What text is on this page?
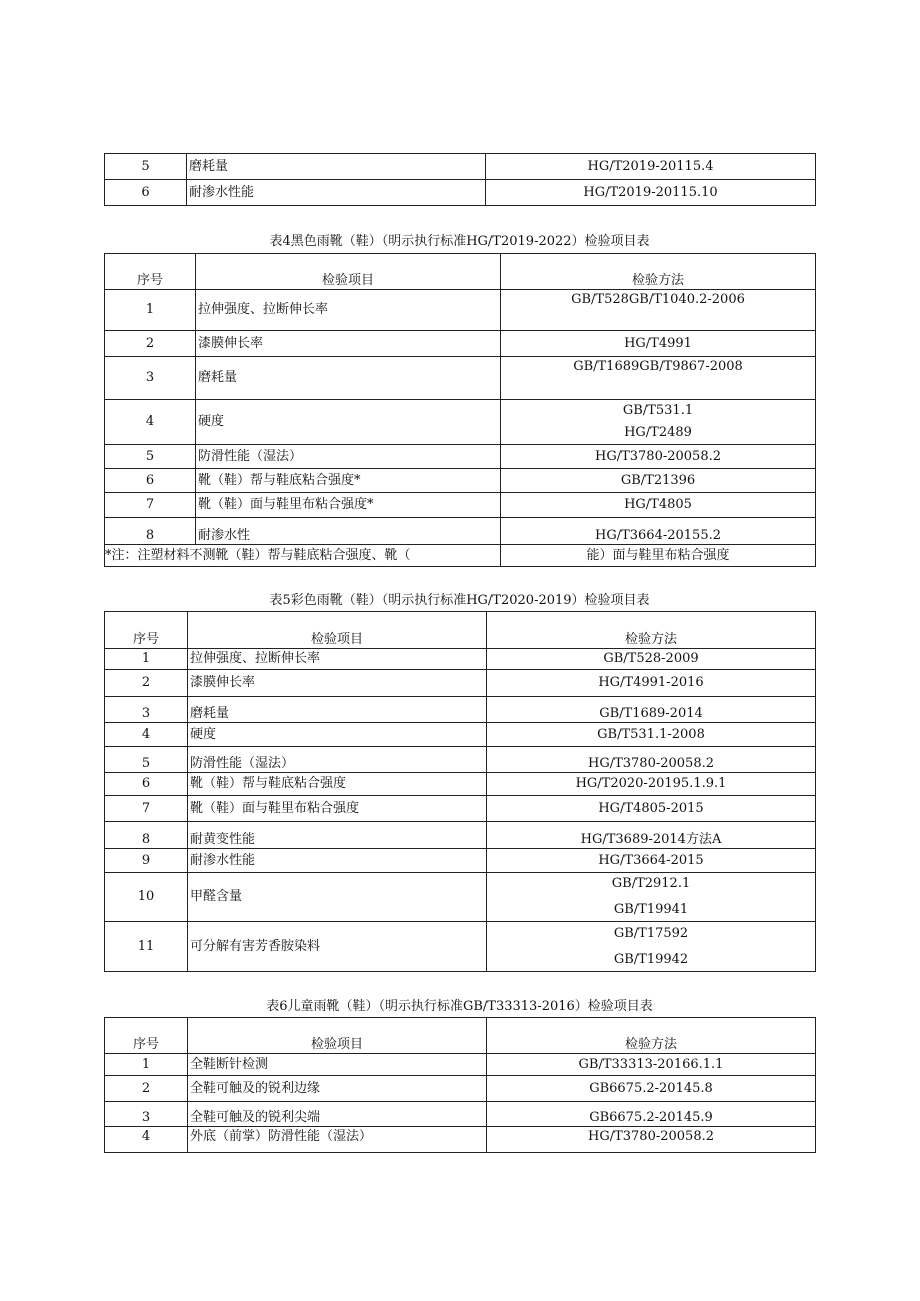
5	磨耗量	HG/T2019-20115.4
6	耐渗水性能	HG/T2019-20115.10
表4黑色雨靴（鞋）（明示执行标准HG/T2019-2022）检验项目表
序号	检验项目	检验方法
1	拉伸强度、拉断伸长率	GB/T528GB/T1040.2-2006
2	漆膜伸长率	HG/T4991
3	磨耗量	GB/T1689GB/T9867-2008
4	硬度	GB/T531.1
HG/T2489

5	防滑性能（湿法）	HG/T3780-20058.2
6	靴（鞋）帮与鞋底粘合强度*	GB/T21396
7	靴（鞋）面与鞋里布粘合强度*	HG/T4805
8	耐渗水性	HG/T3664-20155.2
*注：注塑材料不测靴（鞋）帮与鞋底粘合强度、靴（		能）面与鞋里布粘合强度
表5彩色雨靴（鞋）（明示执行标准HG/T2020-2019）检验项目表
序号	检验项目	检验方法
1	拉伸强度、拉断伸长率	GB/T528-2009
2	漆膜伸长率	HG/T4991-2016
3	磨耗量	GB/T1689-2014
4	硬度	GB/T531.1-2008
5	防滑性能（湿法）	HG/T3780-20058.2
6	靴（鞋）帮与鞋底粘合强度	HG/T2020-20195.1.9.1
7	靴（鞋）面与鞋里布粘合强度	HG/T4805-2015
8	耐黄变性能	HG/T3689-2014方法A
9	耐渗水性能	HG/T3664-2015
10	甲醛含量	GB/T2912.1
GB/T19941

11	可分解有害芳香胺染料	GB/T17592
GB/T19942
表6儿童雨靴（鞋）（明示执行标准GB/T33313-2016）检验项目表
序号	检验项目	检验方法
1	全鞋断针检测	GB/T33313-20166.1.1
2	全鞋可触及的锐利边缘	GB6675.2-20145.8
3	全鞋可触及的锐利尖端	GB6675.2-20145.9
4	外底（前掌）防滑性能（湿法）	HG/T3780-20058.2
